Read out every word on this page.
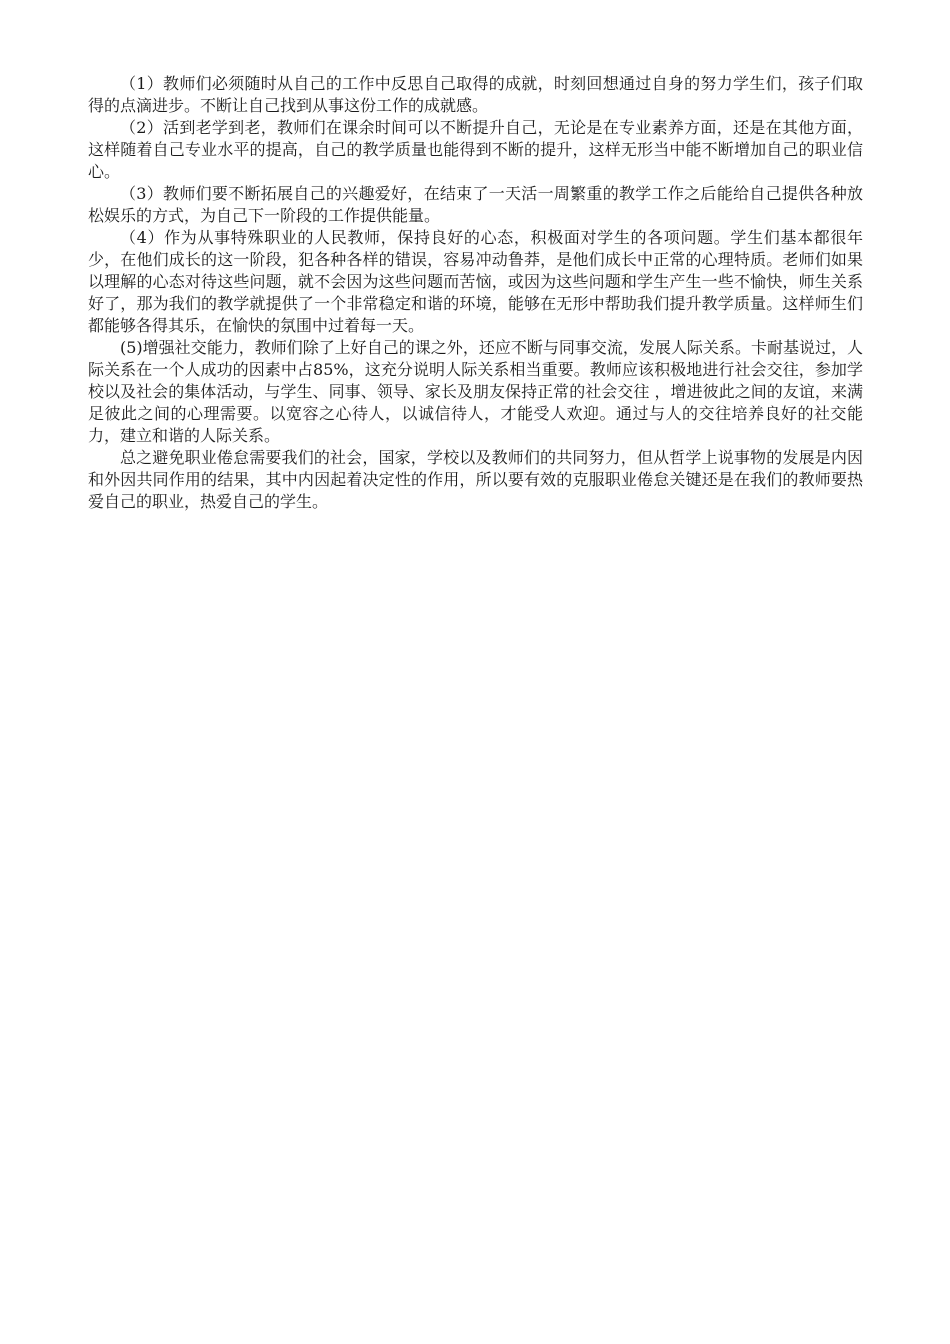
（1）教师们必须随时从自己的工作中反思自己取得的成就，时刻回想通过自身的努力学生们，孩子们取得的点滴进步。不断让自己找到从事这份工作的成就感。

（2）活到老学到老，教师们在课余时间可以不断提升自己，无论是在专业素养方面，还是在其他方面，这样随着自己专业水平的提高，自己的教学质量也能得到不断的提升，这样无形当中能不断增加自己的职业信心。

（3）教师们要不断拓展自己的兴趣爱好，在结束了一天活一周繁重的教学工作之后能给自己提供各种放松娱乐的方式，为自己下一阶段的工作提供能量。

（4）作为从事特殊职业的人民教师，保持良好的心态，积极面对学生的各项问题。学生们基本都很年少，在他们成长的这一阶段，犯各种各样的错误，容易冲动鲁莽，是他们成长中正常的心理特质。老师们如果以理解的心态对待这些问题，就不会因为这些问题而苦恼，或因为这些问题和学生产生一些不愉快，师生关系好了，那为我们的教学就提供了一个非常稳定和谐的环境，能够在无形中帮助我们提升教学质量。这样师生们都能够各得其乐，在愉快的氛围中过着每一天。

(5)增强社交能力，教师们除了上好自己的课之外，还应不断与同事交流，发展人际关系。卡耐基说过，人际关系在一个人成功的因素中占85%，这充分说明人际关系相当重要。教师应该积极地进行社会交往，参加学校以及社会的集体活动，与学生、同事、领导、家长及朋友保持正常的社会交往 ，增进彼此之间的友谊，来满足彼此之间的心理需要。以宽容之心待人，以诚信待人，才能受人欢迎。通过与人的交往培养良好的社交能力，建立和谐的人际关系。

总之避免职业倦怠需要我们的社会，国家，学校以及教师们的共同努力，但从哲学上说事物的发展是内因和外因共同作用的结果，其中内因起着决定性的作用，所以要有效的克服职业倦怠关键还是在我们的教师要热爱自己的职业，热爱自己的学生。
